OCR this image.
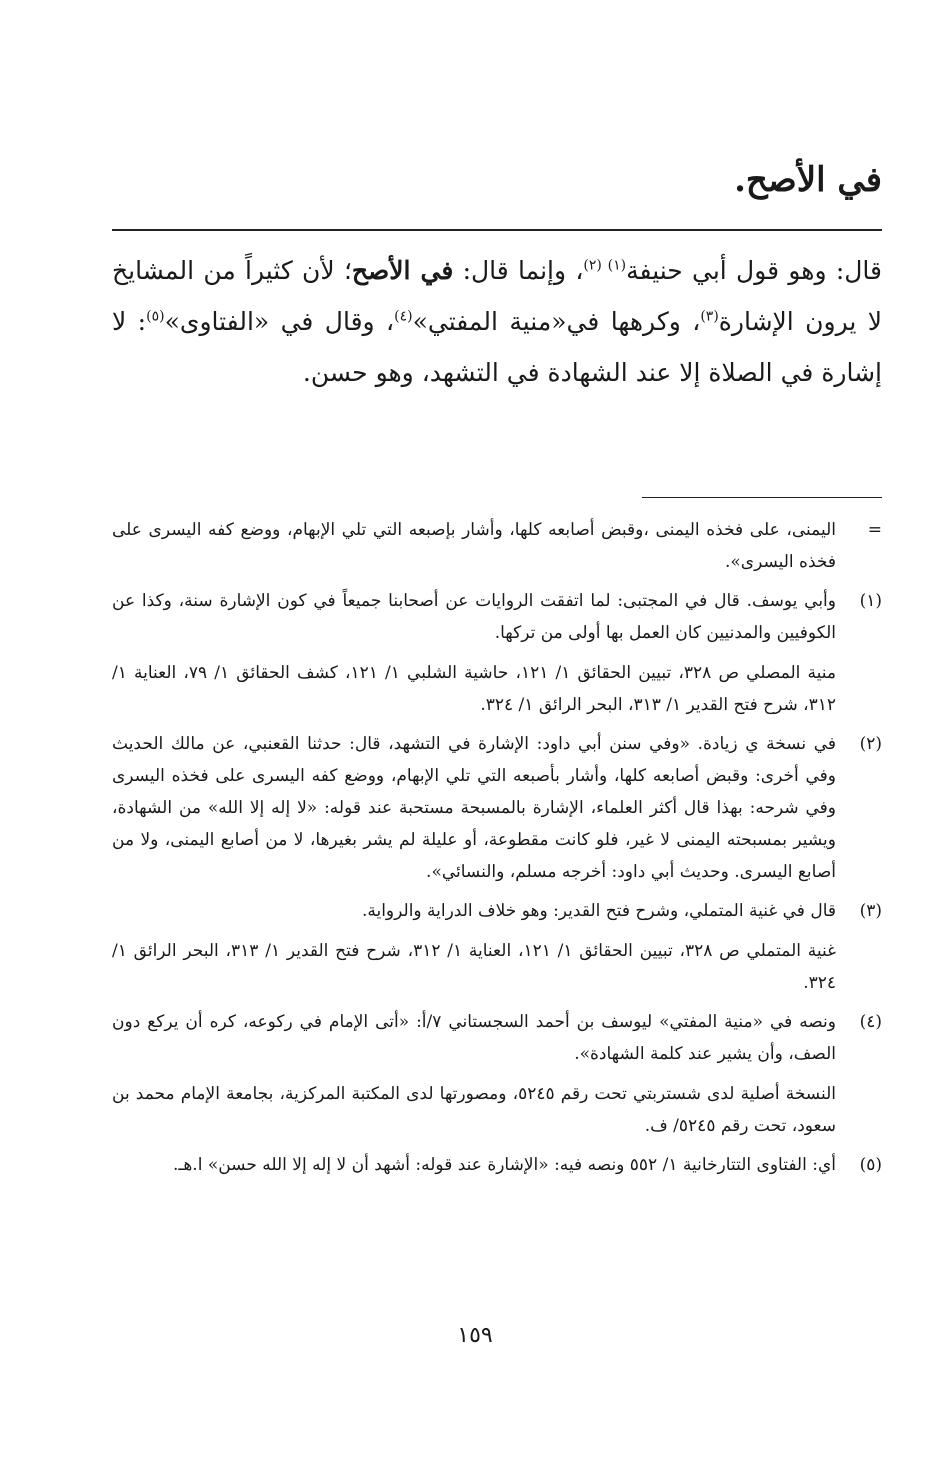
في الأصح.

قال: وهو قول أبي حنيفة$^{(١)}$ $^{(٢)}$، وإنما قال: في الأصح؛ لأن كثيراً من المشايخ لا يرون الإشارة$^{(٣)}$، وكرهها في«منية المفتي»$^{(٤)}$، وقال في «الفتاوى»$^{(٥)}$: لا إشارة في الصلاة إلا عند الشهادة في التشهد، وهو حسن.

=

اليمنى، على فخذه اليمنى ،وقبض أصابعه كلها، وأشار بإصبعه التي تلي الإبهام، ووضع كفه اليسرى على فخذه اليسرى».

(١)

وأبي يوسف. قال في المجتبى: لما اتفقت الروايات عن أصحابنا جميعاً في كون الإشارة سنة، وكذا عن الكوفيين والمدنيين كان العمل بها أولى من تركها.

منية المصلي ص ٣٢٨، تبيين الحقائق ١/ ١٢١، حاشية الشلبي ١/ ١٢١، كشف الحقائق ١/ ٧٩، العناية ١/ ٣١٢، شرح فتح القدير ١/ ٣١٣، البحر الرائق ١/ ٣٢٤.

(٢)

في نسخة ي زيادة. «وفي سنن أبي داود: الإشارة في التشهد، قال: حدثنا القعنبي، عن مالك الحديث وفي أخرى: وقبض أصابعه كلها، وأشار بأصبعه التي تلي الإبهام، ووضع كفه اليسرى على فخذه اليسرى وفي شرحه: بهذا قال أكثر العلماء، الإشارة بالمسبحة مستحبة عند قوله: «لا إله إلا الله» من الشهادة، ويشير بمسبحته اليمنى لا غير، فلو كانت مقطوعة، أو عليلة لم يشر بغيرها، لا من أصابع اليمنى، ولا من أصابع اليسرى. وحديث أبي داود: أخرجه مسلم، والنسائي».

(٣)

قال في غنية المتملي، وشرح فتح القدير: وهو خلاف الدراية والرواية.

غنية المتملي ص ٣٢٨، تبيين الحقائق ١/ ١٢١، العناية ١/ ٣١٢، شرح فتح القدير ١/ ٣١٣، البحر الرائق ١/ ٣٢٤.

(٤)

ونصه في «منية المفتي» ليوسف بن أحمد السجستاني ٧/أ: «أتى الإمام في ركوعه، كره أن يركع دون الصف، وأن يشير عند كلمة الشهادة».

النسخة أصلية لدى شستربتي تحت رقم ٥٢٤٥، ومصورتها لدى المكتبة المركزية، بجامعة الإمام محمد بن سعود، تحت رقم ٥٢٤٥/ ف.

(٥)

أي: الفتاوى التتارخانية ١/ ٥٥٢ ونصه فيه: «الإشارة عند قوله: أشهد أن لا إله إلا الله حسن» ا.هـ.

١٥٩
